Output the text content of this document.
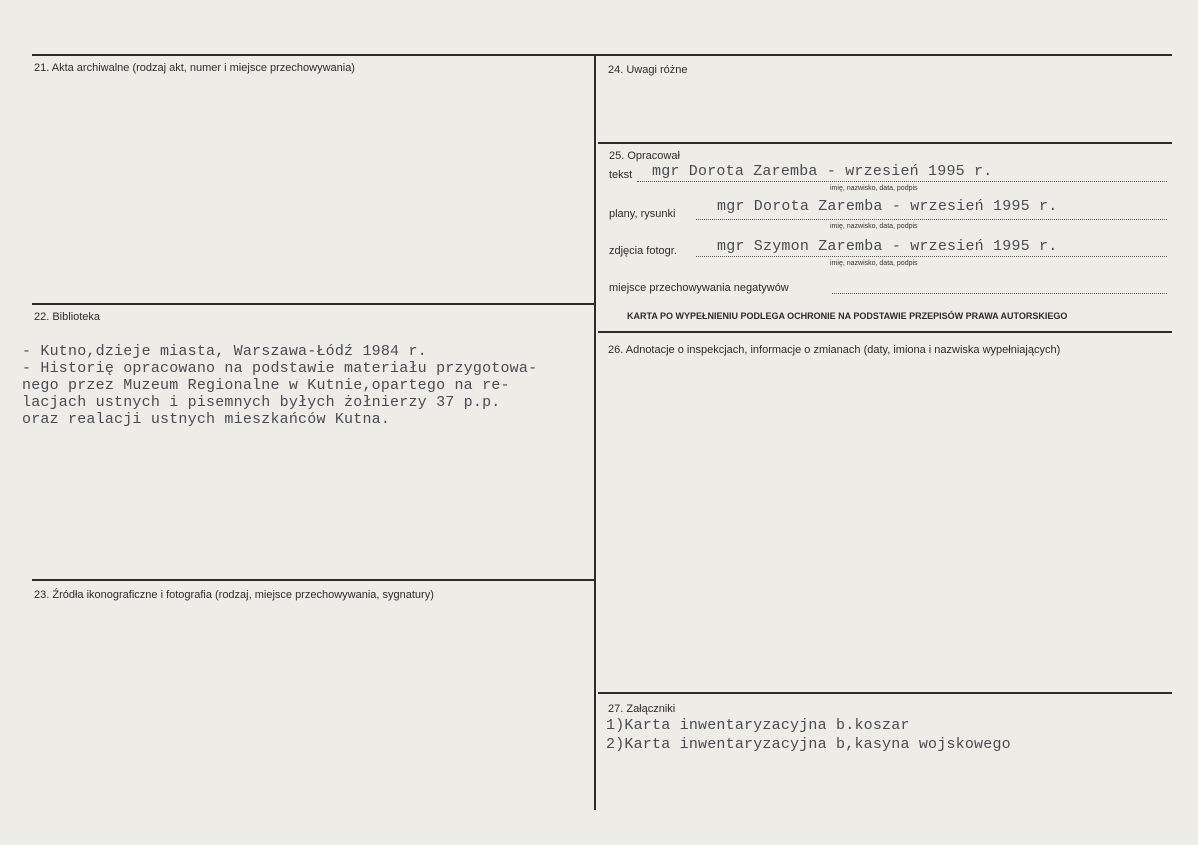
21. Akta archiwalne (rodzaj akt, numer i miejsce przechowywania)
22. Biblioteka
- Kutno,dzieje miasta, Warszawa-Łódź 1984 r.
- Historię opracowano na podstawie materiału przygotowa-
nego przez Muzeum Regionalne w Kutnie,opartego na re-
lacjach ustnych i pisemnych byłych żołnierzy 37 p.p.
oraz realacji ustnych mieszkańców Kutna.
23. Źródła ikonograficzne i fotografia (rodzaj, miejsce przechowywania, sygnatury)
24. Uwagi różne
25. Opracował
tekst mgr Dorota Zaremba - wrzesień 1995 r.
imię, nazwisko, data, podpis
plany, rysunki	mgr Dorota Zaremba - wrzesień 1995 r.
imię, nazwisko, data, podpis
zdjęcia fotogr.	mgr Szymon Zaremba - wrzesień 1995 r.
imię, nazwisko, data, podpis
miejsce przechowywania negatywów
KARTA PO WYPEŁNIENIU PODLEGA OCHRONIE NA PODSTAWIE PRZEPISÓW PRAWA AUTORSKIEGO
26. Adnotacje o inspekcjach, informacje o zmianach (daty, imiona i nazwiska wypełniających)
27. Załączniki
1)Karta inwentaryzacyjna b.koszar
2)Karta inwentaryzacyjna b,kasyna wojskowego
